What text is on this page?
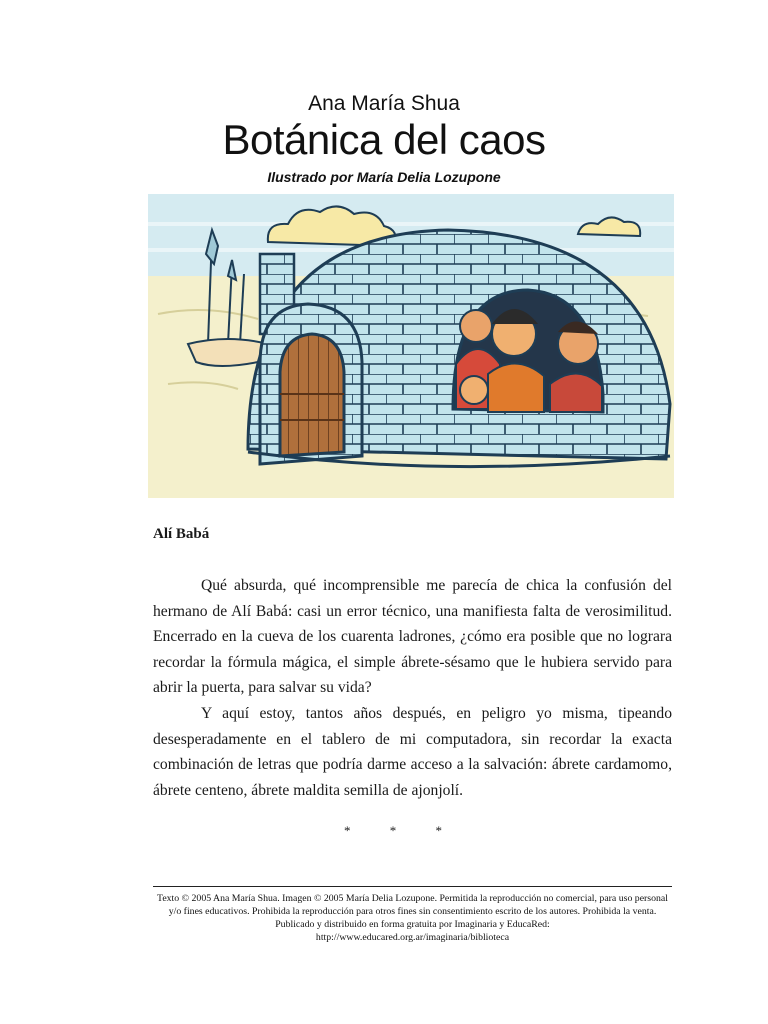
Ana María Shua
Botánica del caos
Ilustrado por María Delia Lozupone
Alí Babá

Qué absurda, qué incomprensible me parecía de chica la confusión del hermano de Alí Babá: casi un error técnico, una manifiesta falta de verosimilitud. Encerrado en la cueva de los cuarenta ladrones, ¿cómo era posible que no lograra recordar la fórmula mágica, el simple ábrete-sésamo que le hubiera servido para abrir la puerta, para salvar su vida?

Y aquí estoy, tantos años después, en peligro yo misma, tipeando desesperadamente en el tablero de mi computadora, sin recordar la exacta combinación de letras que podría darme acceso a la salvación: ábrete cardamomo, ábrete centeno, ábrete maldita semilla de ajonjolí.

* * *
Texto © 2005 Ana María Shua. Imagen © 2005 María Delia Lozupone. Permitida la reproducción no comercial, para uso personal y/o fines educativos. Prohibida la reproducción para otros fines sin consentimiento escrito de los autores. Prohibida la venta. Publicado y distribuido en forma gratuita por Imaginaria y EducaRed:
http://www.educared.org.ar/imaginaria/biblioteca
